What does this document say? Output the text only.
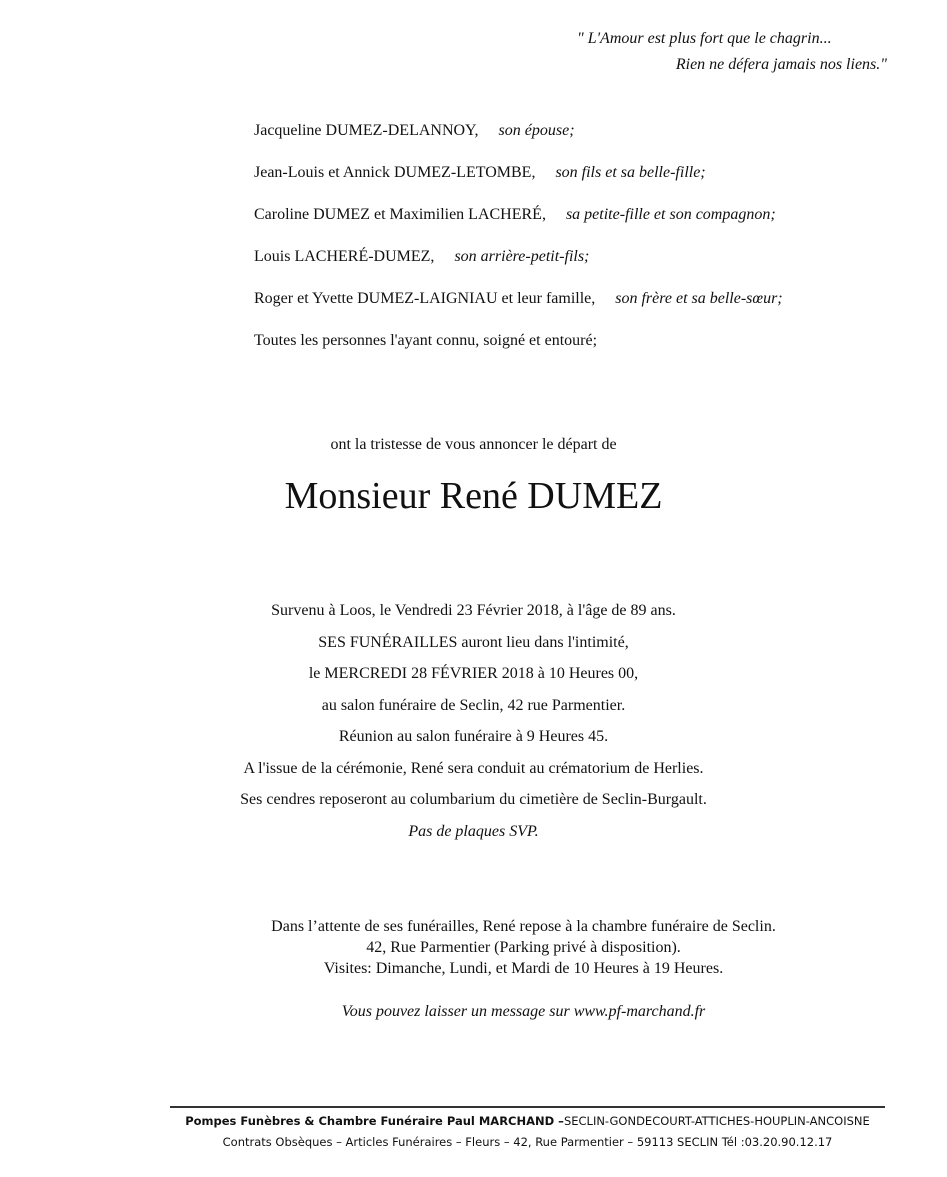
" L'Amour est plus fort que le chagrin...
Rien ne défera jamais nos liens."
Jacqueline DUMEZ-DELANNOY, son épouse;
Jean-Louis et Annick DUMEZ-LETOMBE, son fils et sa belle-fille;
Caroline DUMEZ et Maximilien LACHERÉ, sa petite-fille et son compagnon;
Louis LACHERÉ-DUMEZ, son arrière-petit-fils;
Roger et Yvette DUMEZ-LAIGNIAU et leur famille, son frère et sa belle-sœur;
Toutes les personnes l'ayant connu, soigné et entouré;
ont la tristesse de vous annoncer le départ de
Monsieur René DUMEZ
Survenu à Loos, le Vendredi 23 Février 2018, à l'âge de 89 ans.
SES FUNÉRAILLES auront lieu dans l'intimité,
le MERCREDI 28 FÉVRIER 2018 à 10 Heures 00,
au salon funéraire de Seclin, 42 rue Parmentier.
Réunion au salon funéraire à 9 Heures 45.
A l'issue de la cérémonie, René sera conduit au crématorium de Herlies.
Ses cendres reposeront au columbarium du cimetière de Seclin-Burgault.
Pas de plaques SVP.
Dans l’attente de ses funérailles, René repose à la chambre funéraire de Seclin.
42, Rue Parmentier (Parking privé à disposition).
Visites: Dimanche, Lundi, et Mardi de 10 Heures à 19 Heures.
Vous pouvez laisser un message sur www.pf-marchand.fr
Pompes Funèbres & Chambre Funéraire Paul MARCHAND –SECLIN-GONDECOURT-ATTICHES-HOUPLIN-ANCOISNE
Contrats Obsèques – Articles Funéraires – Fleurs – 42, Rue Parmentier – 59113 SECLIN Tél :03.20.90.12.17
